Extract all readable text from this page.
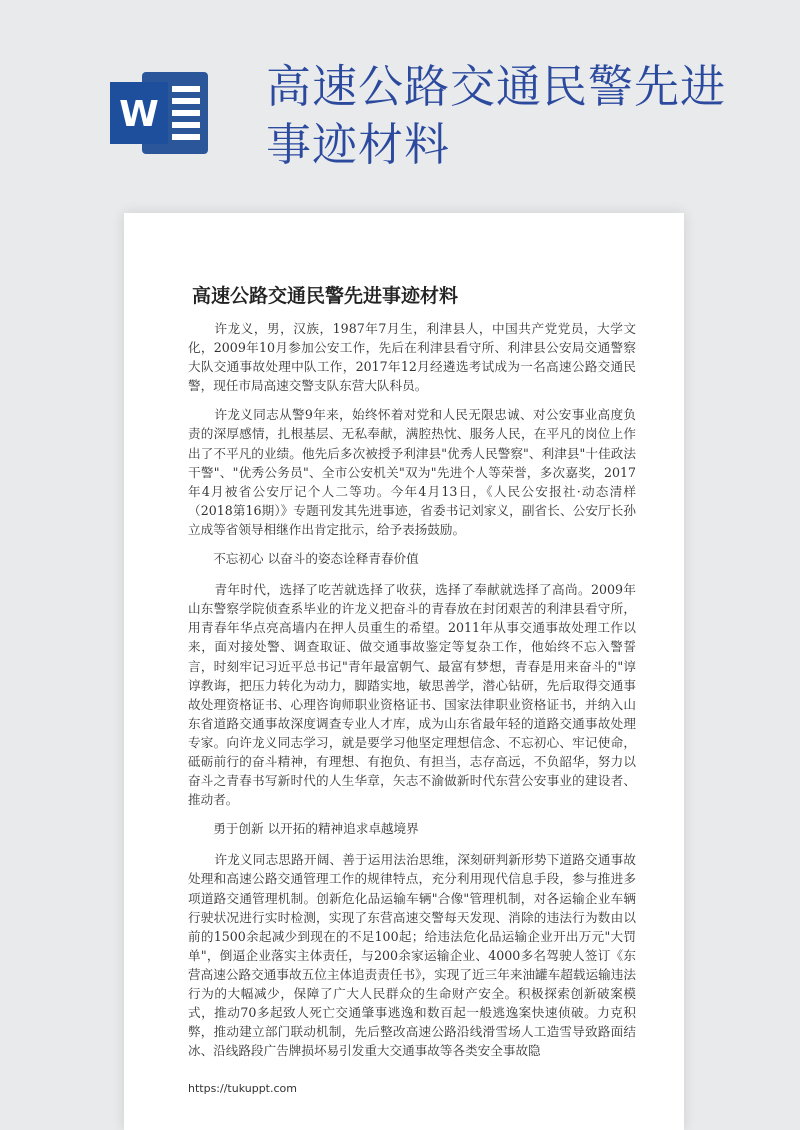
W
高速公路交通民警先进
事迹材料
高速公路交通民警先进事迹材料

许龙义，男，汉族，1987年7月生，利津县人，中国共产党党员，大学文化，2009年10月参加公安工作，先后在利津县看守所、利津县公安局交通警察大队交通事故处理中队工作，2017年12月经遴选考试成为一名高速公路交通民警，现任市局高速交警支队东营大队科员。

许龙义同志从警9年来，始终怀着对党和人民无限忠诚、对公安事业高度负责的深厚感情，扎根基层、无私奉献，满腔热忱、服务人民，在平凡的岗位上作出了不平凡的业绩。他先后多次被授予利津县"优秀人民警察"、利津县"十佳政法干警"、"优秀公务员"、全市公安机关"双为"先进个人等荣誉，多次嘉奖，2017年4月被省公安厅记个人二等功。今年4月13日，《人民公安报社·动态清样（2018第16期）》专题刊发其先进事迹，省委书记刘家义，副省长、公安厅长孙立成等省领导相继作出肯定批示，给予表扬鼓励。

不忘初心 以奋斗的姿态诠释青春价值

青年时代，选择了吃苦就选择了收获，选择了奉献就选择了高尚。2009年山东警察学院侦查系毕业的许龙义把奋斗的青春放在封闭艰苦的利津县看守所，用青春年华点亮高墙内在押人员重生的希望。2011年从事交通事故处理工作以来，面对接处警、调查取证、做交通事故鉴定等复杂工作，他始终不忘入警誓言，时刻牢记习近平总书记"青年最富朝气、最富有梦想，青春是用来奋斗的"谆谆教诲，把压力转化为动力，脚踏实地，敏思善学，潜心钻研，先后取得交通事故处理资格证书、心理咨询师职业资格证书、国家法律职业资格证书，并纳入山东省道路交通事故深度调查专业人才库，成为山东省最年轻的道路交通事故处理专家。向许龙义同志学习，就是要学习他坚定理想信念、不忘初心、牢记使命，砥砺前行的奋斗精神，有理想、有抱负、有担当，志存高远，不负韶华，努力以奋斗之青春书写新时代的人生华章，矢志不渝做新时代东营公安事业的建设者、推动者。

勇于创新 以开拓的精神追求卓越境界

许龙义同志思路开阔、善于运用法治思维，深刻研判新形势下道路交通事故处理和高速公路交通管理工作的规律特点，充分利用现代信息手段，参与推进多项道路交通管理机制。创新危化品运输车辆"合像"管理机制，对各运输企业车辆行驶状况进行实时检测，实现了东营高速交警每天发现、消除的违法行为数由以前的1500余起减少到现在的不足100起；给违法危化品运输企业开出万元"大罚单"，倒逼企业落实主体责任，与200余家运输企业、4000多名驾驶人签订《东营高速公路交通事故五位主体追责责任书》，实现了近三年来油罐车超载运输违法行为的大幅减少，保障了广大人民群众的生命财产安全。积极探索创新破案模式，推动70多起致人死亡交通肇事逃逸和数百起一般逃逸案快速侦破。力克积弊，推动建立部门联动机制，先后整改高速公路沿线滑雪场人工造雪导致路面结冰、沿线路段广告牌损坏易引发重大交通事故等各类安全事故隐

https://tukuppt.com
